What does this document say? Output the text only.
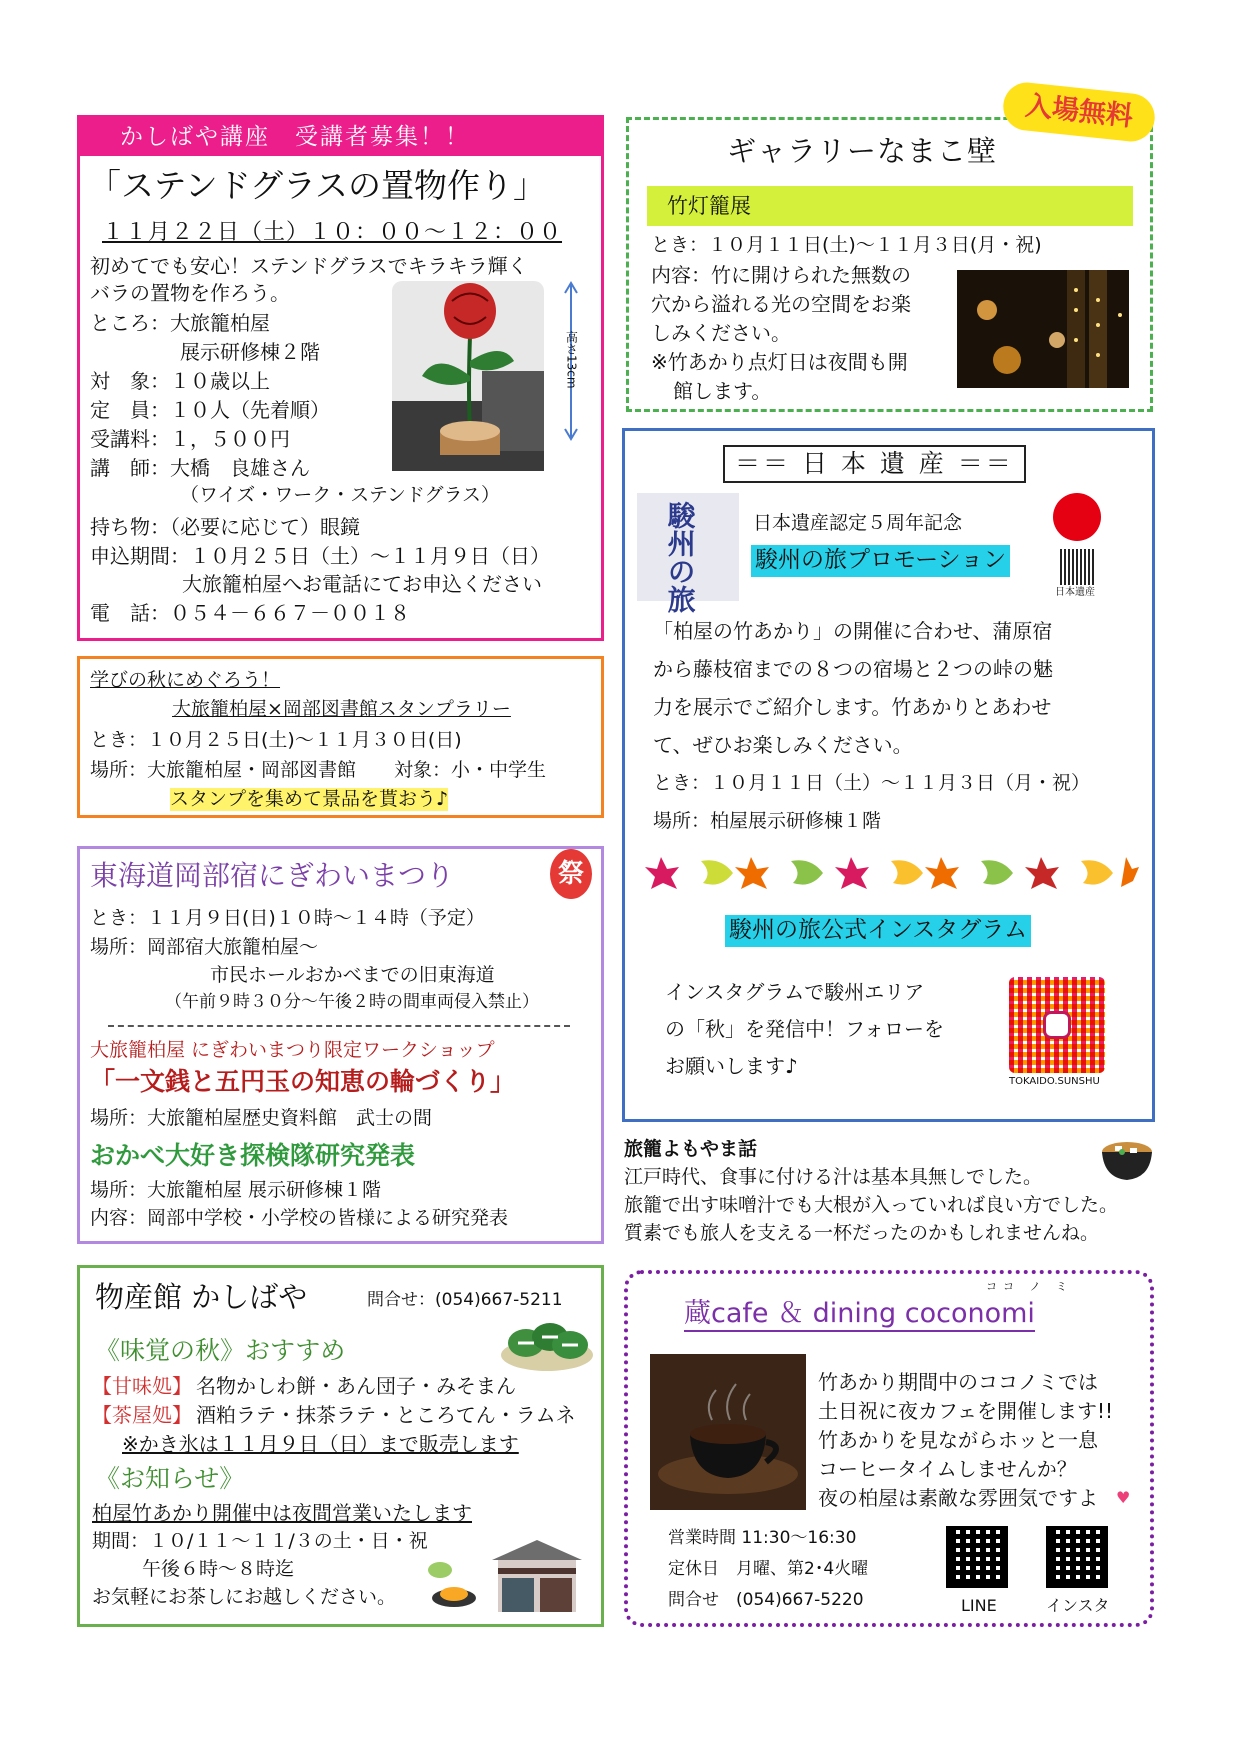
かしばや講座　受講者募集！！
「ステンドグラスの置物作り」
１１月２２日（土）１０：００〜１２：００
初めてでも安心！ステンドグラスでキラキラ輝く
バラの置物を作ろう。
ところ：大旅籠柏屋
展示研修棟２階
対　象：１０歳以上
定　員：１０人（先着順）
受講料：１，５００円
講　師：大橋　良雄さん
（ワイズ・ワーク・ステンドグラス）
持ち物：（必要に応じて）眼鏡
申込期間：１０月２５日（土）〜１１月９日（日）
大旅籠柏屋へお電話にてお申込ください
電　話：０５４－６６７－００１８
高さ13cm
学びの秋にめぐろう！
大旅籠柏屋×岡部図書館スタンプラリー
とき：１０月２５日(土)〜１１月３０日(日)
場所：大旅籠柏屋・岡部図書館　　対象：小・中学生
スタンプを集めて景品を貰おう♪
東海道岡部宿にぎわいまつり	祭
とき：１１月９日(日)１０時〜１４時（予定）
場所：岡部宿大旅籠柏屋〜
市民ホールおかべまでの旧東海道
（午前９時３０分〜午後２時の間車両侵入禁止）
大旅籠柏屋 にぎわいまつり限定ワークショップ
「一文銭と五円玉の知恵の輪づくり」
場所：大旅籠柏屋歴史資料館　武士の間
おかべ大好き探検隊研究発表
場所：大旅籠柏屋 展示研修棟１階
内容：岡部中学校・小学校の皆様による研究発表
物産館 かしばや	問合せ：(054)667-5211
《味覚の秋》おすすめ
【甘味処】 名物かしわ餅・あん団子・みそまん
【茶屋処】 酒粕ラテ・抹茶ラテ・ところてん・ラムネ
※かき氷は１１月９日（日）まで販売します
《お知らせ》
柏屋竹あかり開催中は夜間営業いたします
期間：１０/１１〜１１/３の土・日・祝
午後６時〜８時迄
お気軽にお茶しにお越しください。
ギャラリーなまこ壁
竹灯籠展
とき：１０月１１日(土)〜１１月３日(月・祝)
内容：竹に開けられた無数の
穴から溢れる光の空間をお楽
しみください。
※竹あかり点灯日は夜間も開
館します。
入場無料
＝＝ 日 本 遺 産 ＝＝
駿州の旅	日本遺産認定５周年記念
駿州の旅プロモーション
日本遺産
「柏屋の竹あかり」の開催に合わせ、蒲原宿
から藤枝宿までの８つの宿場と２つの峠の魅
力を展示でご紹介します。竹あかりとあわせ
て、ぜひお楽しみください。
とき：１０月１１日（土）〜１１月３日（月・祝）
場所：柏屋展示研修棟１階
駿州の旅公式インスタグラム
インスタグラムで駿州エリア
の「秋」を発信中！フォローを
お願いします♪
TOKAIDO.SUNSHU
旅籠よもやま話
江戸時代、食事に付ける汁は基本具無しでした。
旅籠で出す味噌汁でも大根が入っていれば良い方でした。
質素でも旅人を支える一杯だったのかもしれませんね。
ココ ノ ミ
蔵cafe ＆ dining coconomi
竹あかり期間中のココノミでは
土日祝に夜カフェを開催します!!
竹あかりを見ながらホッと一息
コーヒータイムしませんか？
夜の柏屋は素敵な雰囲気ですよ ♥
営業時間 11:30〜16:30
定休日　月曜、第2･4火曜
問合せ　(054)667-5220	LINE	インスタ
